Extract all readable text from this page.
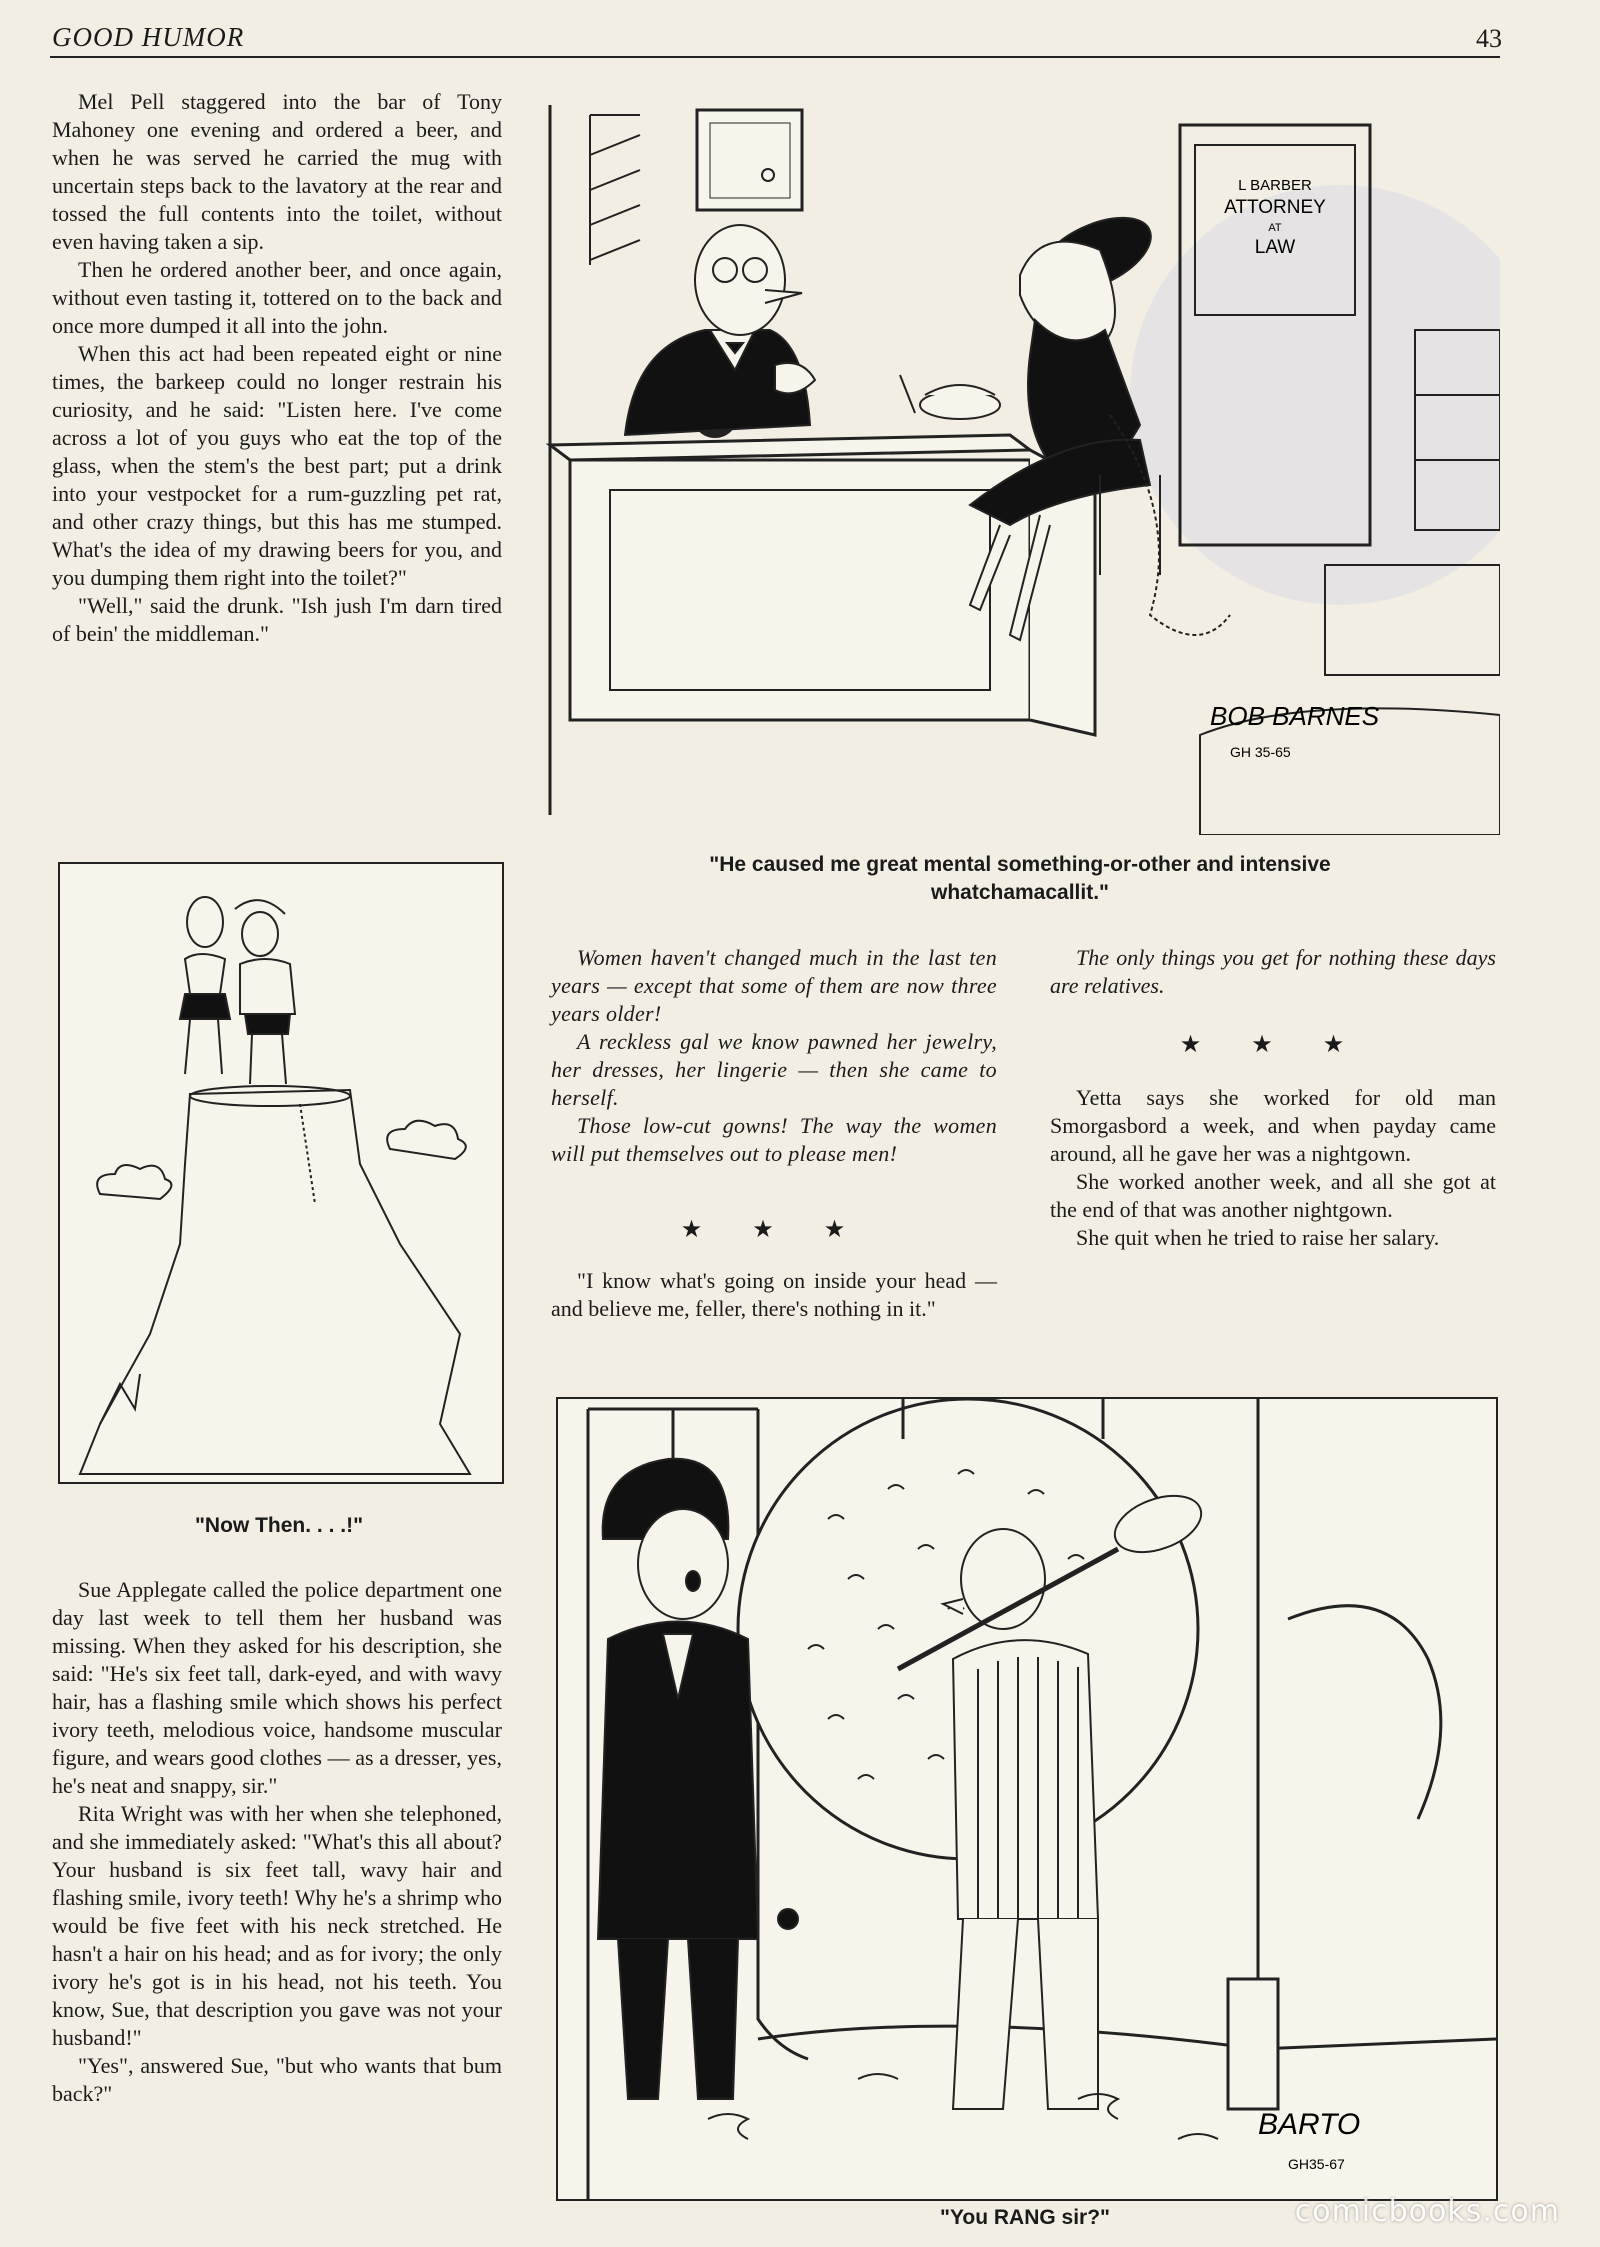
GOOD HUMOR	43

Mel Pell staggered into the bar of Tony Mahoney one evening and ordered a beer, and when he was served he carried the mug with uncertain steps back to the lavatory at the rear and tossed the full contents into the toilet, without even having taken a sip.

Then he ordered another beer, and once again, without even tasting it, tottered on to the back and once more dumped it all into the john.

When this act had been repeated eight or nine times, the barkeep could no longer restrain his curiosity, and he said: "Listen here. I've come across a lot of you guys who eat the top of the glass, when the stem's the best part; put a drink into your vestpocket for a rum-guzzling pet rat, and other crazy things, but this has me stumped. What's the idea of my drawing beers for you, and you dumping them right into the toilet?"

"Well," said the drunk. "Ish jush I'm darn tired of bein' the middleman."

L BARBER
ATTORNEY
AT
LAW
BOB BARNES
GH 35-65
"He caused me great mental something-or-other and intensive whatchamacallit."
"Now Then. . . .!"

Women haven't changed much in the last ten years — except that some of them are now three years older!

A reckless gal we know pawned her jewelry, her dresses, her lingerie — then she came to herself.

Those low-cut gowns! The way the women will put themselves out to please men!

★ ★ ★

"I know what's going on inside your head — and believe me, feller, there's nothing in it."

The only things you get for nothing these days are relatives.

★ ★ ★

Yetta says she worked for old man Smorgasbord a week, and when payday came around, all he gave her was a nightgown.

She worked another week, and all she got at the end of that was another nightgown.

She quit when he tried to raise her salary.

Sue Applegate called the police department one day last week to tell them her husband was missing. When they asked for his description, she said: "He's six feet tall, dark-eyed, and with wavy hair, has a flashing smile which shows his perfect ivory teeth, melodious voice, handsome muscular figure, and wears good clothes — as a dresser, yes, he's neat and snappy, sir."

Rita Wright was with her when she telephoned, and she immediately asked: "What's this all about? Your husband is six feet tall, wavy hair and flashing smile, ivory teeth! Why he's a shrimp who would be five feet with his neck stretched. He hasn't a hair on his head; and as for ivory; the only ivory he's got is in his head, not his teeth. You know, Sue, that description you gave was not your husband!"

"Yes", answered Sue, "but who wants that bum back?"

BARTO
GH35-67
"You RANG sir?"	comicbooks.com
